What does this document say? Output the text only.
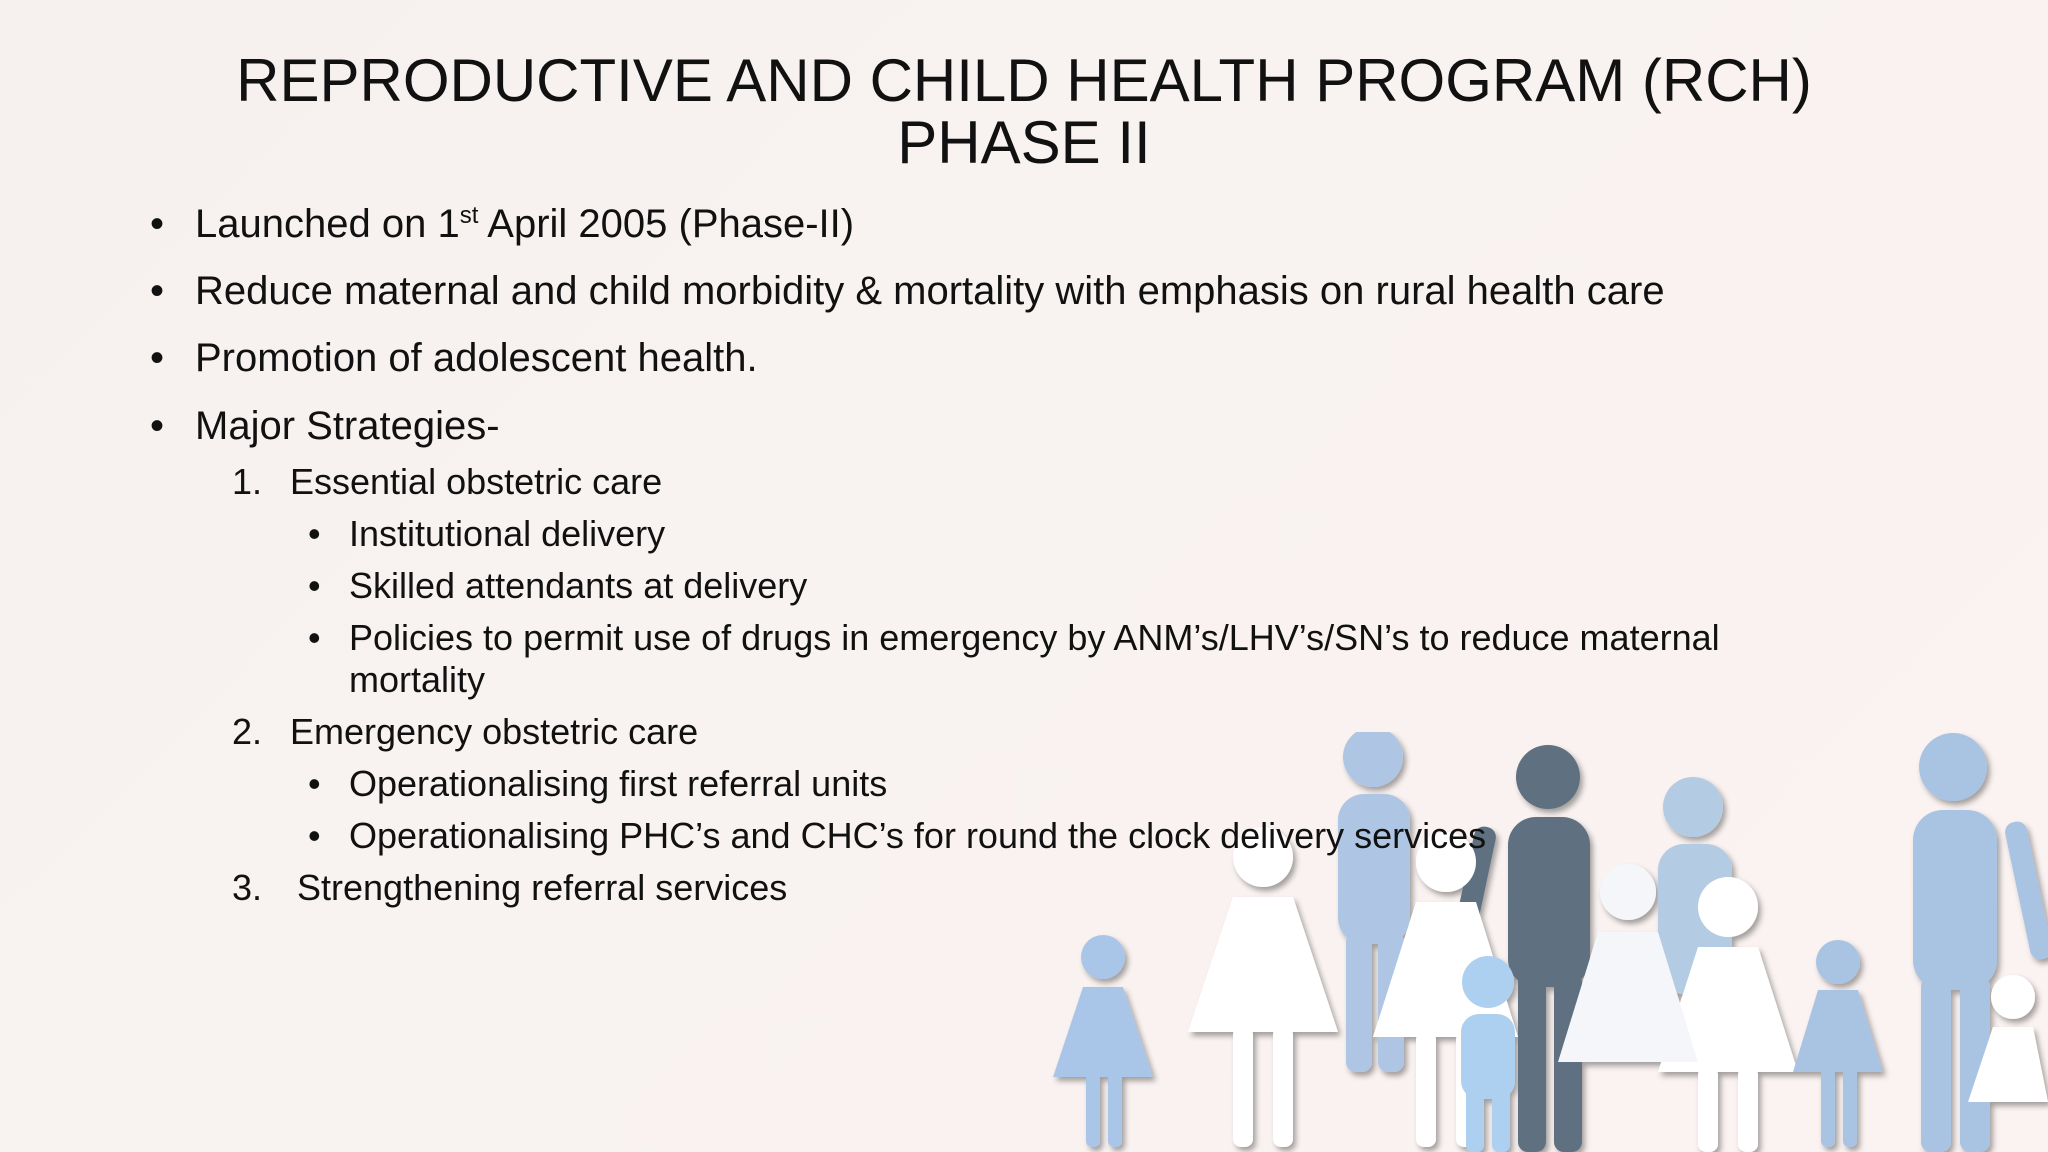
REPRODUCTIVE AND CHILD HEALTH PROGRAM (RCH)
PHASE II
• Launched on 1st April 2005 (Phase-II)
• Reduce maternal and child morbidity & mortality with emphasis on rural health care
• Promotion of adolescent health.
• Major Strategies-
1. Essential obstetric care
• Institutional delivery
• Skilled attendants at delivery
• Policies to permit use of drugs in emergency by ANM’s/LHV’s/SN’s to reduce maternal
mortality
2. Emergency obstetric care
• Operationalising first referral units
• Operationalising PHC’s and CHC’s for round the clock delivery services
3. Strengthening referral services
